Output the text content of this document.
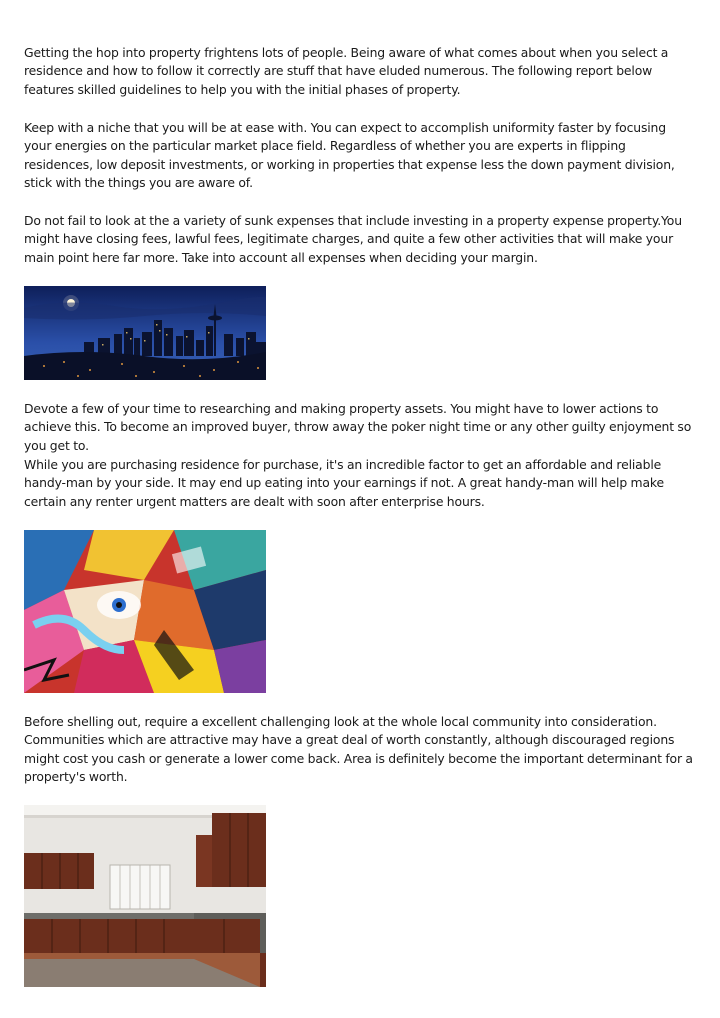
Getting the hop into property frightens lots of people. Being aware of what comes about when you select a residence and how to follow it correctly are stuff that have eluded numerous. The following report below features skilled guidelines to help you with the initial phases of property.

Keep with a niche that you will be at ease with. You can expect to accomplish uniformity faster by focusing your energies on the particular market place field. Regardless of whether you are experts in flipping residences, low deposit investments, or working in properties that expense less the down payment division, stick with the things you are aware of.

Do not fail to look at the a variety of sunk expenses that include investing in a property expense property.You might have closing fees, lawful fees, legitimate charges, and quite a few other activities that will make your main point here far more. Take into account all expenses when deciding your margin.

Devote a few of your time to researching and making property assets. You might have to lower actions to achieve this. To become an improved buyer, throw away the poker night time or any other guilty enjoyment so you get to.

While you are purchasing residence for purchase, it's an incredible factor to get an affordable and reliable handy-man by your side. It may end up eating into your earnings if not. A great handy-man will help make certain any renter urgent matters are dealt with soon after enterprise hours.

Before shelling out, require a excellent challenging look at the whole local community into consideration. Communities which are attractive may have a great deal of worth constantly, although discouraged regions might cost you cash or generate a lower come back. Area is definitely become the important determinant for a property's worth.
